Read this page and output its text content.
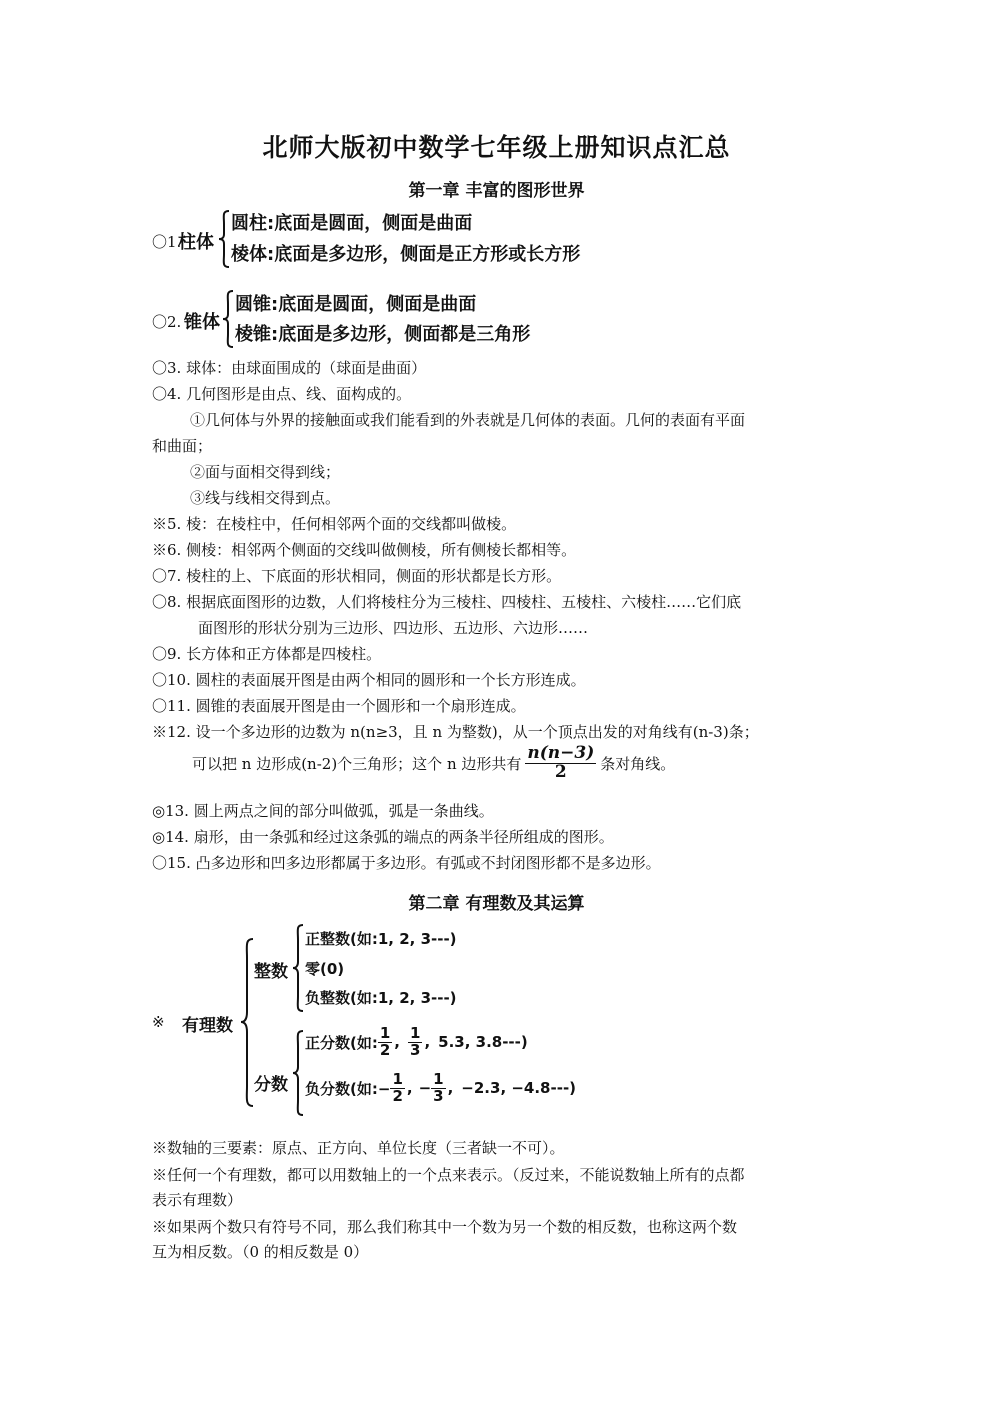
北师大版初中数学七年级上册知识点汇总
第一章 丰富的图形世界
〇1.
柱体
圆柱:底面是圆面，侧面是曲面
棱体:底面是多边形，侧面是正方形或长方形
〇2. 锥体
圆锥:底面是圆面，侧面是曲面
棱锥:底面是多边形，侧面都是三角形
〇3. 球体：由球面围成的（球面是曲面）
〇4. 几何图形是由点、线、面构成的。
①几何体与外界的接触面或我们能看到的外表就是几何体的表面。几何的表面有平面
和曲面；
②面与面相交得到线；
③线与线相交得到点。
※5. 棱：在棱柱中，任何相邻两个面的交线都叫做棱。
※6. 侧棱：相邻两个侧面的交线叫做侧棱，所有侧棱长都相等。
〇7. 棱柱的上、下底面的形状相同，侧面的形状都是长方形。
〇8. 根据底面图形的边数，人们将棱柱分为三棱柱、四棱柱、五棱柱、六棱柱……它们底
面图形的形状分别为三边形、四边形、五边形、六边形……
〇9. 长方体和正方体都是四棱柱。
〇10. 圆柱的表面展开图是由两个相同的圆形和一个长方形连成。
〇11. 圆锥的表面展开图是由一个圆形和一个扇形连成。
※12. 设一个多边形的边数为 n(n≥3，且 n 为整数)，从一个顶点出发的对角线有(n-3)条；
可以把 n 边形成(n-2)个三角形；这个 n 边形共有 $\frac{n(n-3)}{2}$ 条对角线。
◎13. 圆上两点之间的部分叫做弧，弧是一条曲线。
◎14. 扇形，由一条弧和经过这条弧的端点的两条半径所组成的图形。
〇15. 凸多边形和凹多边形都属于多边形。有弧或不封闭图形都不是多边形。
第二章 有理数及其运算
※ 有理数
整数
正整数(如:1, 2, 3---)
零(0)
负整数(如:1, 2, 3---)
分数
正分数(如: $\frac{1}{2}$ , $\frac{1}{3}$ , 5.3, 3.8---)
负分数(如:− $\frac{1}{2}$ , − $\frac{1}{3}$ , −2.3, −4.8---)
※数轴的三要素：原点、正方向、单位长度（三者缺一不可）。
※任何一个有理数，都可以用数轴上的一个点来表示。（反过来，不能说数轴上所有的点都
表示有理数）
※如果两个数只有符号不同，那么我们称其中一个数为另一个数的相反数，也称这两个数
互为相反数。（0 的相反数是 0）
